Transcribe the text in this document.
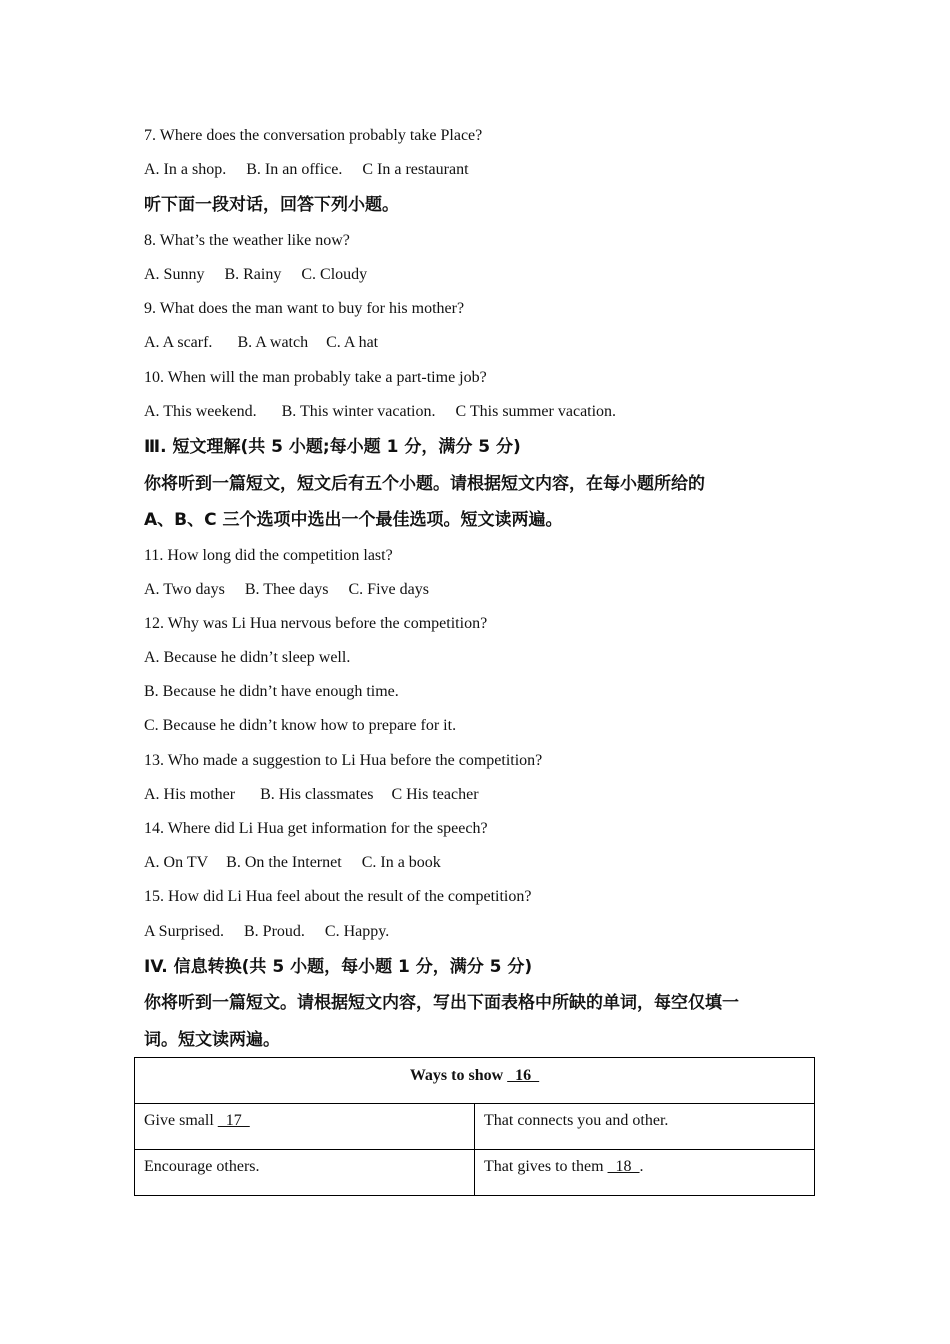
7. Where does the conversation probably take Place?
A. In a shop. B. In an office. C In a restaurant
听下面一段对话，回答下列小题。
8. What’s the weather like now?
A. Sunny B. Rainy C. Cloudy
9. What does the man want to buy for his mother?
A. A scarf. B. A watch C. A hat
10. When will the man probably take a part-time job?
A. This weekend. B. This winter vacation. C This summer vacation.
Ⅲ. 短文理解(共 5 小题;每小题 1 分，满分 5 分)
你将听到一篇短文，短文后有五个小题。请根据短文内容，在每小题所给的
A、B、C 三个选项中选出一个最佳选项。短文读两遍。
11. How long did the competition last?
A. Two days B. Thee days C. Five days
12. Why was Li Hua nervous before the competition?
A. Because he didn’t sleep well.
B. Because he didn’t have enough time.
C. Because he didn’t know how to prepare for it.
13. Who made a suggestion to Li Hua before the competition?
A. His mother B. His classmates C His teacher
14. Where did Li Hua get information for the speech?
A. On TV B. On the Internet C. In a book
15. How did Li Hua feel about the result of the competition?
A Surprised. B. Proud. C. Happy.
IV. 信息转换(共 5 小题，每小题 1 分，满分 5 分)
你将听到一篇短文。请根据短文内容，写出下面表格中所缺的单词，每空仅填一
词。短文读两遍。
Ways to show   16	
Give small   17	That connects you and other.
Encourage others.	That gives to them   18  .
